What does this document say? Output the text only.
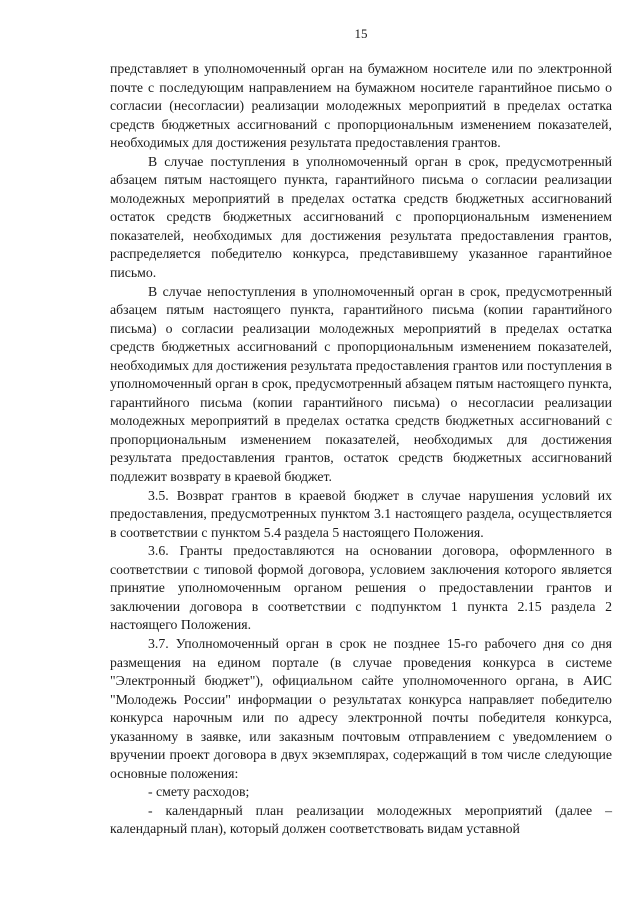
15

представляет в уполномоченный орган на бумажном носителе или по электронной почте с последующим направлением на бумажном носителе гарантийное письмо о согласии (несогласии) реализации молодежных мероприятий в пределах остатка средств бюджетных ассигнований с пропорциональным изменением показателей, необходимых для достижения результата предоставления грантов.

В случае поступления в уполномоченный орган в срок, предусмотренный абзацем пятым настоящего пункта, гарантийного письма о согласии реализации молодежных мероприятий в пределах остатка средств бюджетных ассигнований остаток средств бюджетных ассигнований с пропорциональным изменением показателей, необходимых для достижения результата предоставления грантов, распределяется победителю конкурса, представившему указанное гарантийное письмо.

В случае непоступления в уполномоченный орган в срок, предусмотренный абзацем пятым настоящего пункта, гарантийного письма (копии гарантийного письма) о согласии реализации молодежных мероприятий в пределах остатка средств бюджетных ассигнований с пропорциональным изменением показателей, необходимых для достижения результата предоставления грантов или поступления в уполномоченный орган в срок, предусмотренный абзацем пятым настоящего пункта, гарантийного письма (копии гарантийного письма) о несогласии реализации молодежных мероприятий в пределах остатка средств бюджетных ассигнований с пропорциональным изменением показателей, необходимых для достижения результата предоставления грантов, остаток средств бюджетных ассигнований подлежит возврату в краевой бюджет.

3.5. Возврат грантов в краевой бюджет в случае нарушения условий их предоставления, предусмотренных пунктом 3.1 настоящего раздела, осуществляется в соответствии с пунктом 5.4 раздела 5 настоящего Положения.

3.6. Гранты предоставляются на основании договора, оформленного в соответствии с типовой формой договора, условием заключения которого является принятие уполномоченным органом решения о предоставлении грантов и заключении договора в соответствии с подпунктом 1 пункта 2.15 раздела 2 настоящего Положения.

3.7. Уполномоченный орган в срок не позднее 15-го рабочего дня со дня размещения на едином портале (в случае проведения конкурса в системе "Электронный бюджет"), официальном сайте уполномоченного органа, в АИС "Молодежь России" информации о результатах конкурса направляет победителю конкурса нарочным или по адресу электронной почты победителя конкурса, указанному в заявке, или заказным почтовым отправлением с уведомлением о вручении проект договора в двух экземплярах, содержащий в том числе следующие основные положения:

- смету расходов;

- календарный план реализации молодежных мероприятий (далее – календарный план), который должен соответствовать видам уставной
